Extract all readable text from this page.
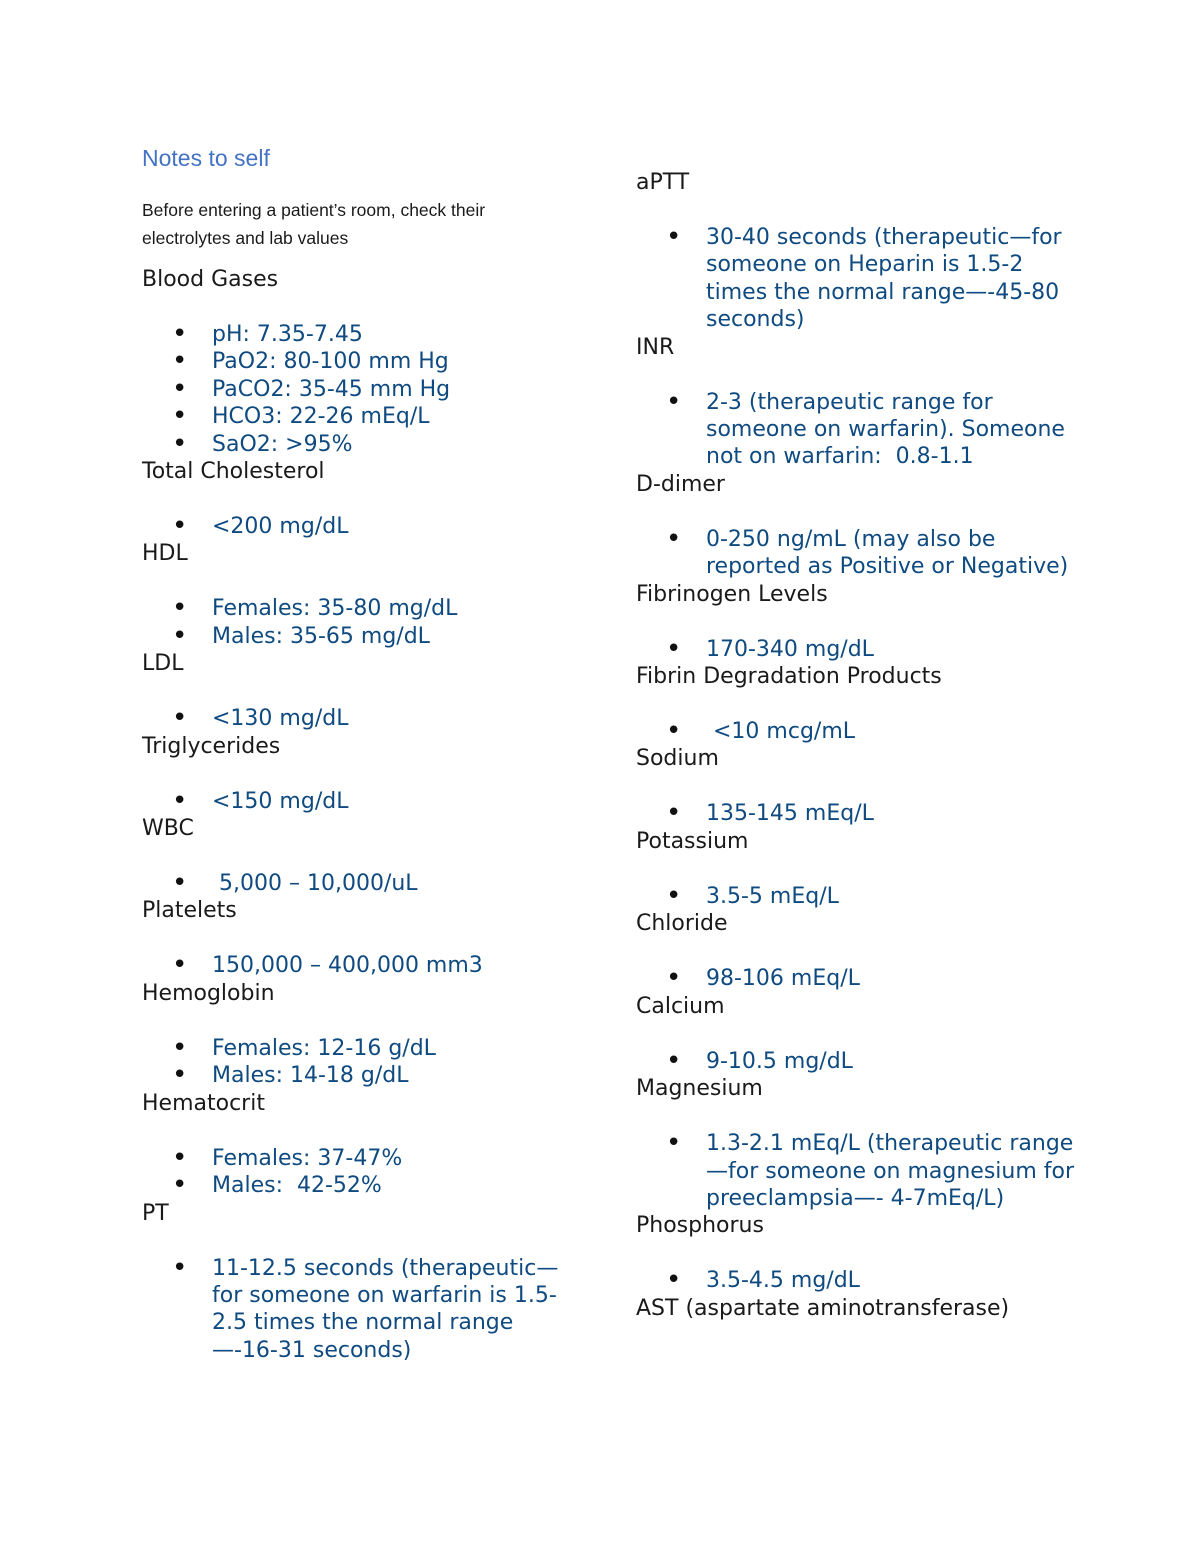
Notes to self

Before entering a patient’s room, check their electrolytes and lab values

Blood Gases

• pH: 7.35-7.45
• PaO2: 80-100 mm Hg
• PaCO2: 35-45 mm Hg
• HCO3: 22-26 mEq/L
• SaO2: >95%

Total Cholesterol

• <200 mg/dL

HDL

• Females: 35-80 mg/dL
• Males: 35-65 mg/dL

LDL

• <130 mg/dL

Triglycerides

• <150 mg/dL

WBC

•  5,000 – 10,000/uL

Platelets

• 150,000 – 400,000 mm3

Hemoglobin

• Females: 12-16 g/dL
• Males: 14-18 g/dL

Hematocrit

• Females: 37-47%
• Males:  42-52%

PT

• 11-12.5 seconds (therapeutic—for someone on warfarin is 1.5-2.5 times the normal range—-16-31 seconds)

aPTT

• 30-40 seconds (therapeutic—for someone on Heparin is 1.5-2 times the normal range—-45-80 seconds)

INR

• 2-3 (therapeutic range for someone on warfarin). Someone not on warfarin:  0.8-1.1

D-dimer

• 0-250 ng/mL (may also be reported as Positive or Negative)

Fibrinogen Levels

• 170-340 mg/dL

Fibrin Degradation Products

•  <10 mcg/mL

Sodium

• 135-145 mEq/L

Potassium

• 3.5-5 mEq/L

Chloride

• 98-106 mEq/L

Calcium

• 9-10.5 mg/dL

Magnesium

• 1.3-2.1 mEq/L (therapeutic range—for someone on magnesium for preeclampsia—- 4-7mEq/L)

Phosphorus

• 3.5-4.5 mg/dL

AST (aspartate aminotransferase)
